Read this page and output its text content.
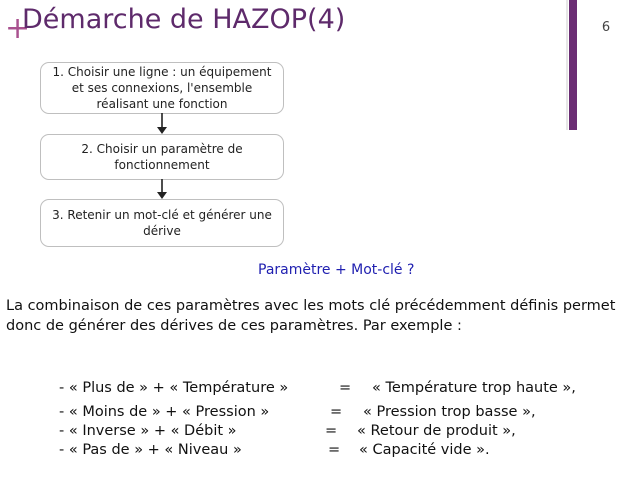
+
Démarche de HAZOP(4)	6
1. Choisir une ligne : un équipement et ses connexions, l'ensemble réalisant une fonction
2. Choisir un paramètre de fonctionnement
3. Retenir un mot-clé et générer une dérive
Paramètre + Mot-clé ?
La combinaison de ces paramètres avec les mots clé précédemment définis permet donc de générer des dérives de ces paramètres. Par exemple :
- « Plus de » + « Température »	= « Température trop haute »,
- « Moins de » + « Pression »	= « Pression trop basse »,
- « Inverse » + « Débit »	= « Retour de produit »,
- « Pas de » + « Niveau »	= « Capacité vide ».
